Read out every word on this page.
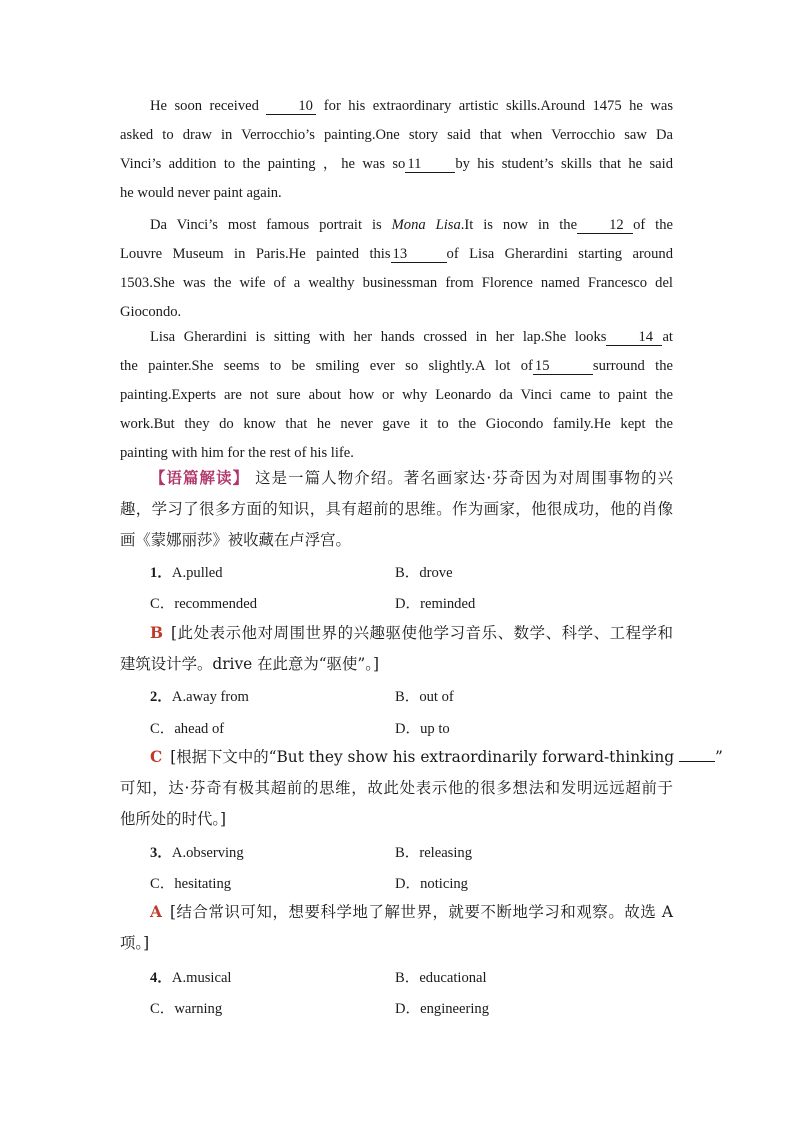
He soon received 10 for his extraordinary artistic skills.Around 1475 he was
asked to draw in Verrocchio’s painting.One story said that when Verrocchio saw Da
Vinci’s addition to the painting ，he was so 11 by his student’s skills that he said
he would never paint again.
Da Vinci’s most famous portrait is Mona Lisa.It is now in the 12 of the
Louvre Museum in Paris.He painted this 13	of Lisa Gherardini starting around
1503.She was the wife of a wealthy businessman from Florence named Francesco del
Giocondo.
Lisa Gherardini is sitting with her hands crossed in her lap.She looks 14 at
the painter.She seems to be smiling ever so slightly.A lot of 15	surround the
painting.Experts are not sure about how or why Leonardo da Vinci came to paint the
work.But they do know that he never gave it to the Giocondo family.He kept the
painting with him for the rest of his life.
【语篇解读】 这是一篇人物介绍。著名画家达·芬奇因为对周围事物的兴
趣，学习了很多方面的知识，具有超前的思维。作为画家，他很成功，他的肖像
画《蒙娜丽莎》被收藏在卢浮宫。
1．A.pulled	B．drove
C．recommended	D．reminded
B [此处表示他对周围世界的兴趣驱使他学习音乐、数学、科学、工程学和
建筑设计学。drive 在此意为“驱使”。]
2．A.away from	B．out of
C．ahead of	D．up to
C [根据下文中的“But they show his extraordinarily forward-thinking	”
可知，达·芬奇有极其超前的思维，故此处表示他的很多想法和发明远远超前于
他所处的时代。]
3．A.observing	B．releasing
C．hesitating	D．noticing
A [结合常识可知，想要科学地了解世界，就要不断地学习和观察。故选 A
项。]
4．A.musical	B．educational
C．warning	D．engineering
